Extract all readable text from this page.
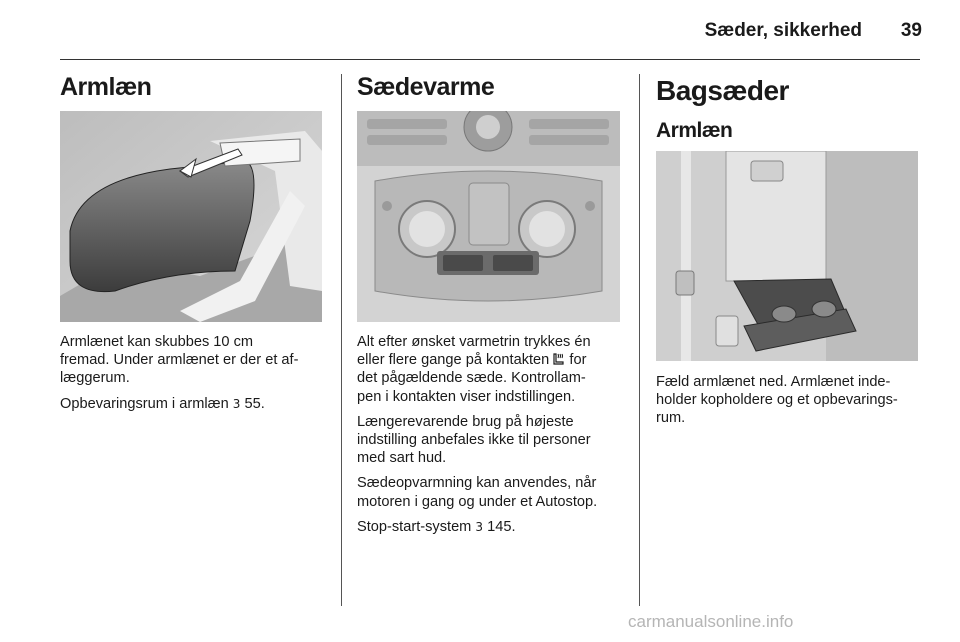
Sæder, sikkerhed	39
Armlæn

Armlænet kan skubbes 10 cm
fremad. Under armlænet er der et af-
læggerum.

Opbevaringsrum i armlæn 3 55.

Sædevarme

Alt efter ønsket varmetrin trykkes én
eller flere gange på kontakten  for
det pågældende sæde. Kontrollam-
pen i kontakten viser indstillingen.

Længerevarende brug på højeste
indstilling anbefales ikke til personer
med sart hud.

Sædeopvarmning kan anvendes, når
motoren i gang og under et Autostop.

Stop-start-system 3 145.

Bagsæder
Armlæn

Fæld armlænet ned. Armlænet inde-
holder kopholdere og et opbevarings-
rum.

carmanualsonline.info
